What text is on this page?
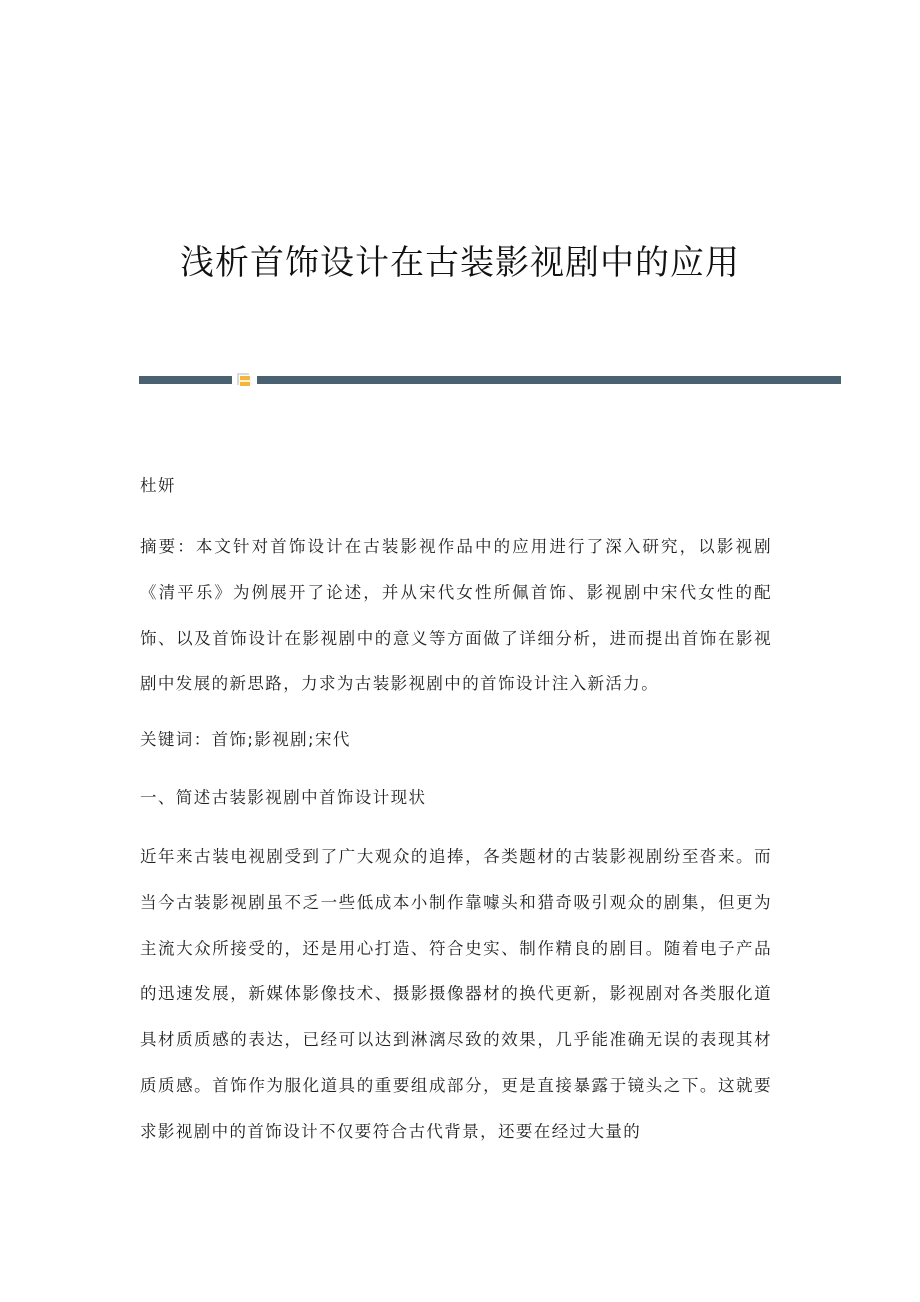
浅析首饰设计在古装影视剧中的应用
杜妍
摘要：本文针对首饰设计在古装影视作品中的应用进行了深入研究，以影视剧《清平乐》为例展开了论述，并从宋代女性所佩首饰、影视剧中宋代女性的配饰、以及首饰设计在影视剧中的意义等方面做了详细分析，进而提出首饰在影视剧中发展的新思路，力求为古装影视剧中的首饰设计注入新活力。
关键词：首饰;影视剧;宋代
一、简述古装影视剧中首饰设计现状
近年来古装电视剧受到了广大观众的追捧，各类题材的古装影视剧纷至沓来。而当今古装影视剧虽不乏一些低成本小制作靠噱头和猎奇吸引观众的剧集，但更为主流大众所接受的，还是用心打造、符合史实、制作精良的剧目。随着电子产品的迅速发展，新媒体影像技术、摄影摄像器材的换代更新，影视剧对各类服化道具材质质感的表达，已经可以达到淋漓尽致的效果，几乎能准确无误的表现其材质质感。首饰作为服化道具的重要组成部分，更是直接暴露于镜头之下。这就要求影视剧中的首饰设计不仅要符合古代背景，还要在经过大量的
